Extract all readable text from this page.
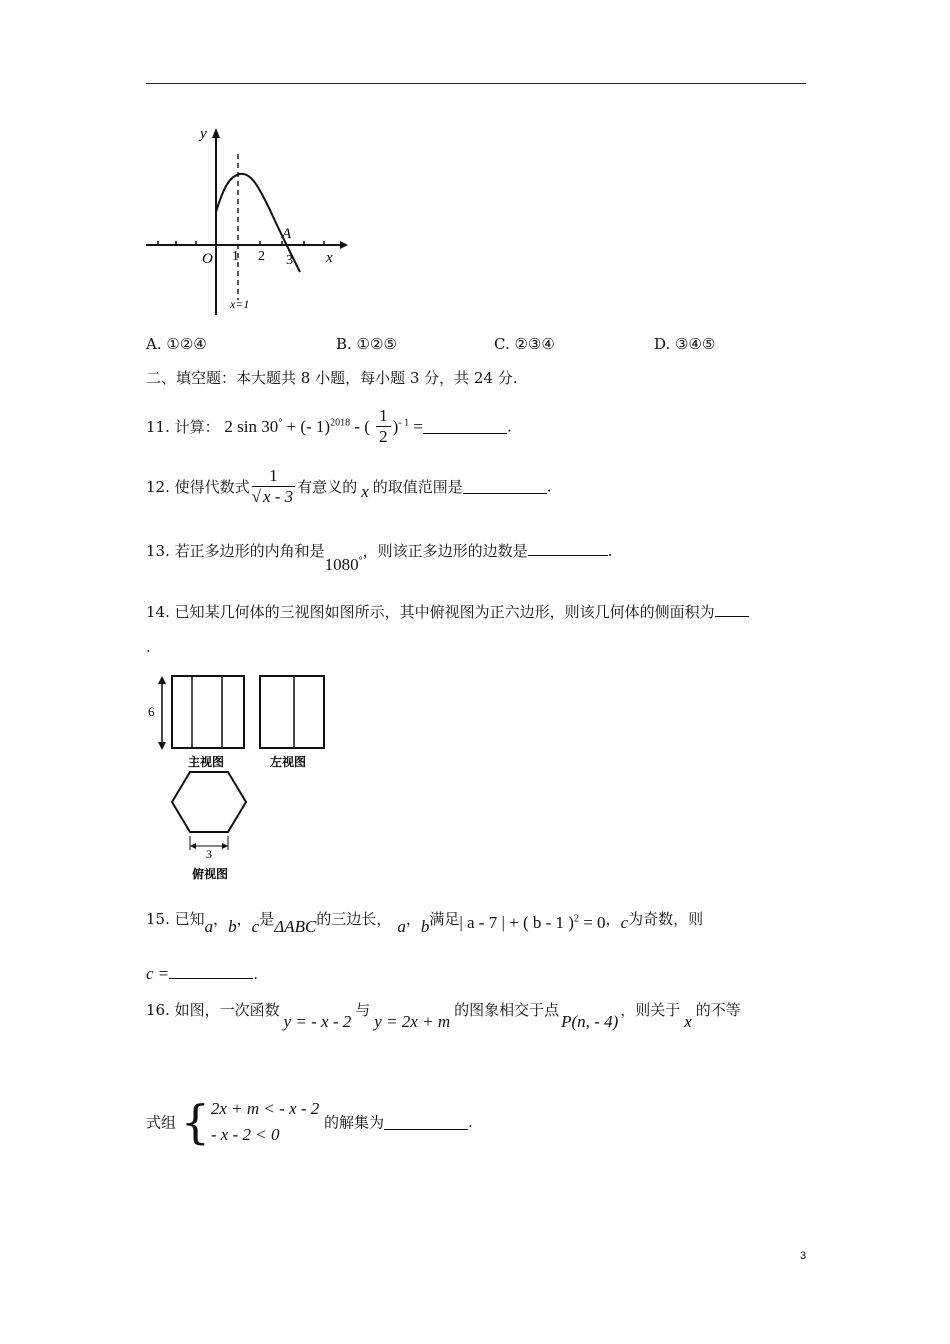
y
x
O 1 2 3
A
x=1
A. ①②④	B. ①②⑤	C. ②③④	D. ③④⑤
二、填空题：本大题共 8 小题，每小题 3 分，共 24 分.
11. 计算： 2 sin 30° + (- 1)$^{2018}$ - ( $\frac{1}{2} )^{- 1}$ =	.
12. 使得代数式 $\frac{1}{√ x - 3}$ 有意义的 x 的取值范围是	.
13. 若正多边形的内角和是1080°，则该正多边形的边数是	.
14. 已知某几何体的三视图如图所示，其中俯视图为正六边形，则该几何体的侧面积为
.
6
主视图	左视图
3
俯视图
15. 已知a，b，c是ΔABC的三边长， a，b满足| a - 7 | + ( b - 1 )$^2$ = 0，c为奇数，则
c =	.
16. 如图，一次函数y = - x - 2与y = 2x + m的图象相交于点P(n, - 4)，则关于x的不等
式组 { 2x + m < - x - 2
- x - 2 < 0
的解集为	.
3
